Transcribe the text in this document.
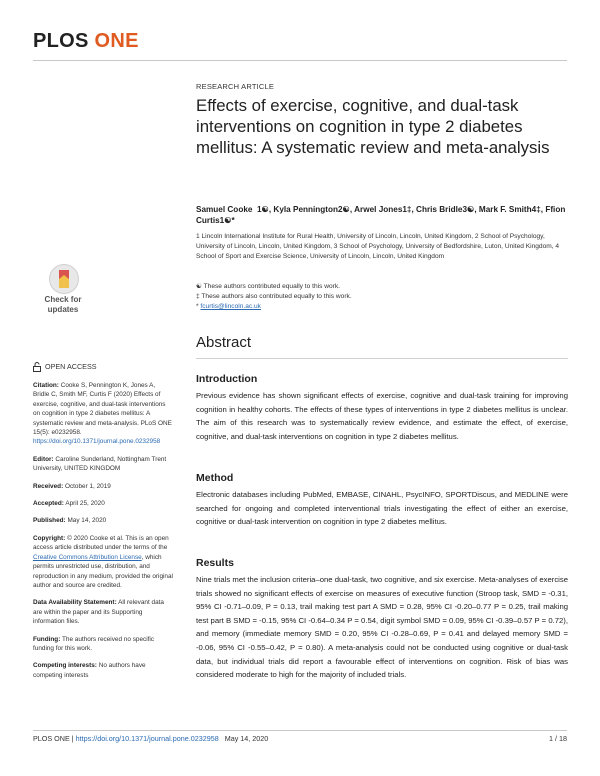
PLOS ONE
RESEARCH ARTICLE
Effects of exercise, cognitive, and dual-task interventions on cognition in type 2 diabetes mellitus: A systematic review and meta-analysis
Samuel Cooke  1☯, Kyla Pennington2☯, Arwel Jones1‡, Chris Bridle3☯, Mark F. Smith4‡, Ffion Curtis1☯*
1 Lincoln International Institute for Rural Health, University of Lincoln, Lincoln, United Kingdom, 2 School of Psychology, University of Lincoln, Lincoln, United Kingdom, 3 School of Psychology, University of Bedfordshire, Luton, United Kingdom, 4 School of Sport and Exercise Science, University of Lincoln, Lincoln, United Kingdom
☯ These authors contributed equally to this work.
‡ These authors also contributed equally to this work.
* fcurtis@lincoln.ac.uk
Check for
updates
OPEN ACCESS

Citation: Cooke S, Pennington K, Jones A, Bridle C, Smith MF, Curtis F (2020) Effects of exercise, cognitive, and dual-task interventions on cognition in type 2 diabetes mellitus: A systematic review and meta-analysis. PLoS ONE 15(5): e0232958. https://doi.org/10.1371/journal.pone.0232958

Editor: Caroline Sunderland, Nottingham Trent University, UNITED KINGDOM

Received: October 1, 2019

Accepted: April 25, 2020

Published: May 14, 2020

Copyright: © 2020 Cooke et al. This is an open access article distributed under the terms of the Creative Commons Attribution License, which permits unrestricted use, distribution, and reproduction in any medium, provided the original author and source are credited.

Data Availability Statement: All relevant data are within the paper and its Supporting information files.

Funding: The authors received no specific funding for this work.

Competing interests: No authors have competing interests

Abstract
Introduction
Previous evidence has shown significant effects of exercise, cognitive and dual-task training for improving cognition in healthy cohorts. The effects of these types of interventions in type 2 diabetes mellitus is unclear. The aim of this research was to systematically review evidence, and estimate the effect, of exercise, cognitive, and dual-task interventions on cognition in type 2 diabetes mellitus.
Method
Electronic databases including PubMed, EMBASE, CINAHL, PsycINFO, SPORTDiscus, and MEDLINE were searched for ongoing and completed interventional trials investigating the effect of either an exercise, cognitive or dual-task intervention on cognition in type 2 diabetes mellitus.
Results
Nine trials met the inclusion criteria–one dual-task, two cognitive, and six exercise. Meta-analyses of exercise trials showed no significant effects of exercise on measures of executive function (Stroop task, SMD = -0.31, 95% CI -0.71–0.09, P = 0.13, trail making test part A SMD = 0.28, 95% CI -0.20–0.77 P = 0.25, trail making test part B SMD = -0.15, 95% CI -0.64–0.34 P = 0.54, digit symbol SMD = 0.09, 95% CI -0.39–0.57 P = 0.72), and memory (immediate memory SMD = 0.20, 95% CI -0.28–0.69, P = 0.41 and delayed memory SMD = -0.06, 95% CI -0.55–0.42, P = 0.80). A meta-analysis could not be conducted using cognitive or dual-task data, but individual trials did report a favourable effect of interventions on cognition. Risk of bias was considered moderate to high for the majority of included trials.
PLOS ONE | https://doi.org/10.1371/journal.pone.0232958 May 14, 2020	1 / 18
